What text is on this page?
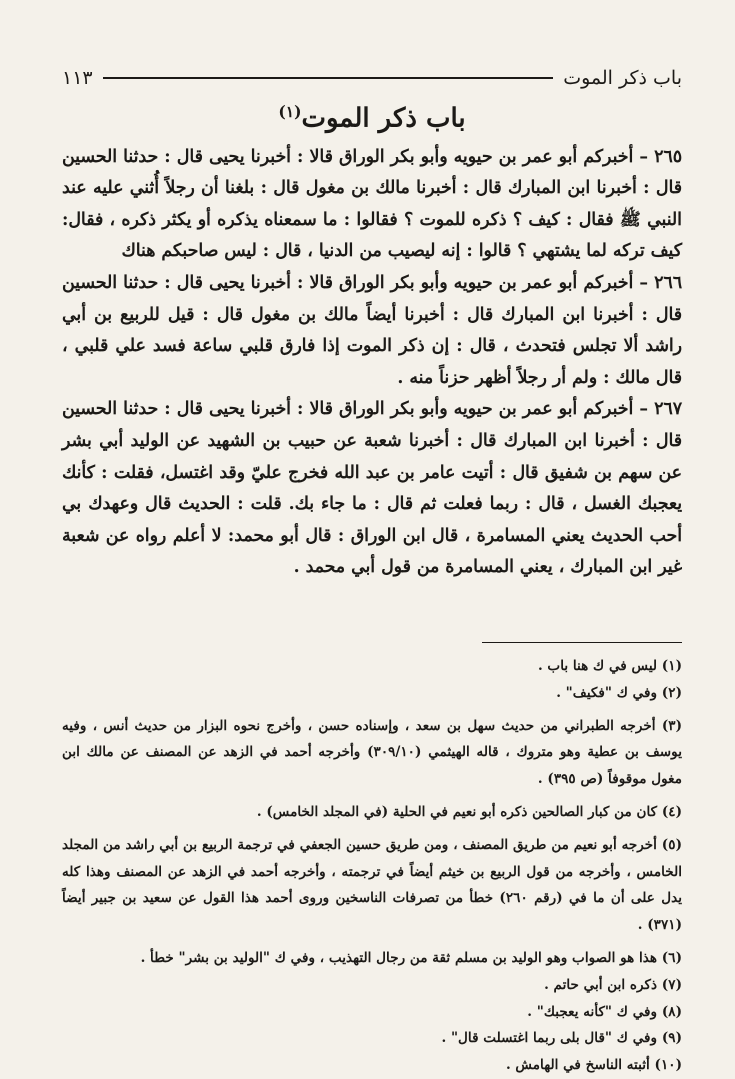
باب ذكر الموت
١١٣
باب ذكر الموت$^{(١)}$

٢٦٥ – أخبركم أبو عمر بن حيويه وأبو بكر الوراق قالا : أخبرنا يحيى قال : حدثنا الحسين قال : أخبرنا ابن المبارك قال : أخبرنا مالك بن مغول قال : بلغنا أن رجلاً أُثني عليه عند النبي ﷺ فقال : كيف ؟ ذكره للموت ؟ فقالوا : ما سمعناه يذكره أو يكثر ذكره ، فقال: كيف تركه لما يشتهي ؟ قالوا : إنه ليصيب من الدنيا ، قال : ليس صاحبكم هناك

٢٦٦ – أخبركم أبو عمر بن حيويه وأبو بكر الوراق قالا : أخبرنا يحيى قال : حدثنا الحسين قال : أخبرنا ابن المبارك قال : أخبرنا أيضاً مالك بن مغول قال : قيل للربيع بن أبي راشد ألا تجلس فتحدث ، قال : إن ذكر الموت إذا فارق قلبي ساعة فسد علي قلبي ، قال مالك : ولم أر رجلاً أظهر حزناً منه .

٢٦٧ – أخبركم أبو عمر بن حيويه وأبو بكر الوراق قالا : أخبرنا يحيى قال : حدثنا الحسين قال : أخبرنا ابن المبارك قال : أخبرنا شعبة عن حبيب بن الشهيد عن الوليد أبي بشر عن سهم بن شفيق قال : أتيت عامر بن عبد الله فخرج عليّ وقد اغتسل، فقلت : كأنك يعجبك الغسل ، قال : ربما فعلت ثم قال : ما جاء بك. قلت : الحديث قال وعهدك بي أحب الحديث يعني المسامرة ، قال ابن الوراق : قال أبو محمد: لا أعلم رواه عن شعبة غير ابن المبارك ، يعني المسامرة من قول أبي محمد .

(١) ليس في ك هنا باب .

(٢) وفي ك "فكيف" .

(٣) أخرجه الطبراني من حديث سهل بن سعد ، وإسناده حسن ، وأخرج نحوه البزار من حديث أنس ، وفيه يوسف بن عطية وهو متروك ، قاله الهيثمي (٣٠٩/١٠) وأخرجه أحمد في الزهد عن المصنف عن مالك ابن مغول موقوفاً (ص ٣٩٥) .

(٤) كان من كبار الصالحين ذكره أبو نعيم في الحلية (في المجلد الخامس) .

(٥) أخرجه أبو نعيم من طريق المصنف ، ومن طريق حسين الجعفي في ترجمة الربيع بن أبي راشد من المجلد الخامس ، وأخرجه من قول الربيع بن خيثم أيضاً في ترجمته ، وأخرجه أحمد في الزهد عن المصنف وهذا كله يدل على أن ما في (رقم ٢٦٠) خطأ من تصرفات الناسخين وروى أحمد هذا القول عن سعيد بن جبير أيضاً (٣٧١) .

(٦) هذا هو الصواب وهو الوليد بن مسلم ثقة من رجال التهذيب ، وفي ك "الوليد بن بشر" خطأ .

(٧) ذكره ابن أبي حاتم .

(٨) وفي ك "كأنه يعجبك" .

(٩) وفي ك "قال بلى ربما اغتسلت قال" .

(١٠) أثبته الناسخ في الهامش .
